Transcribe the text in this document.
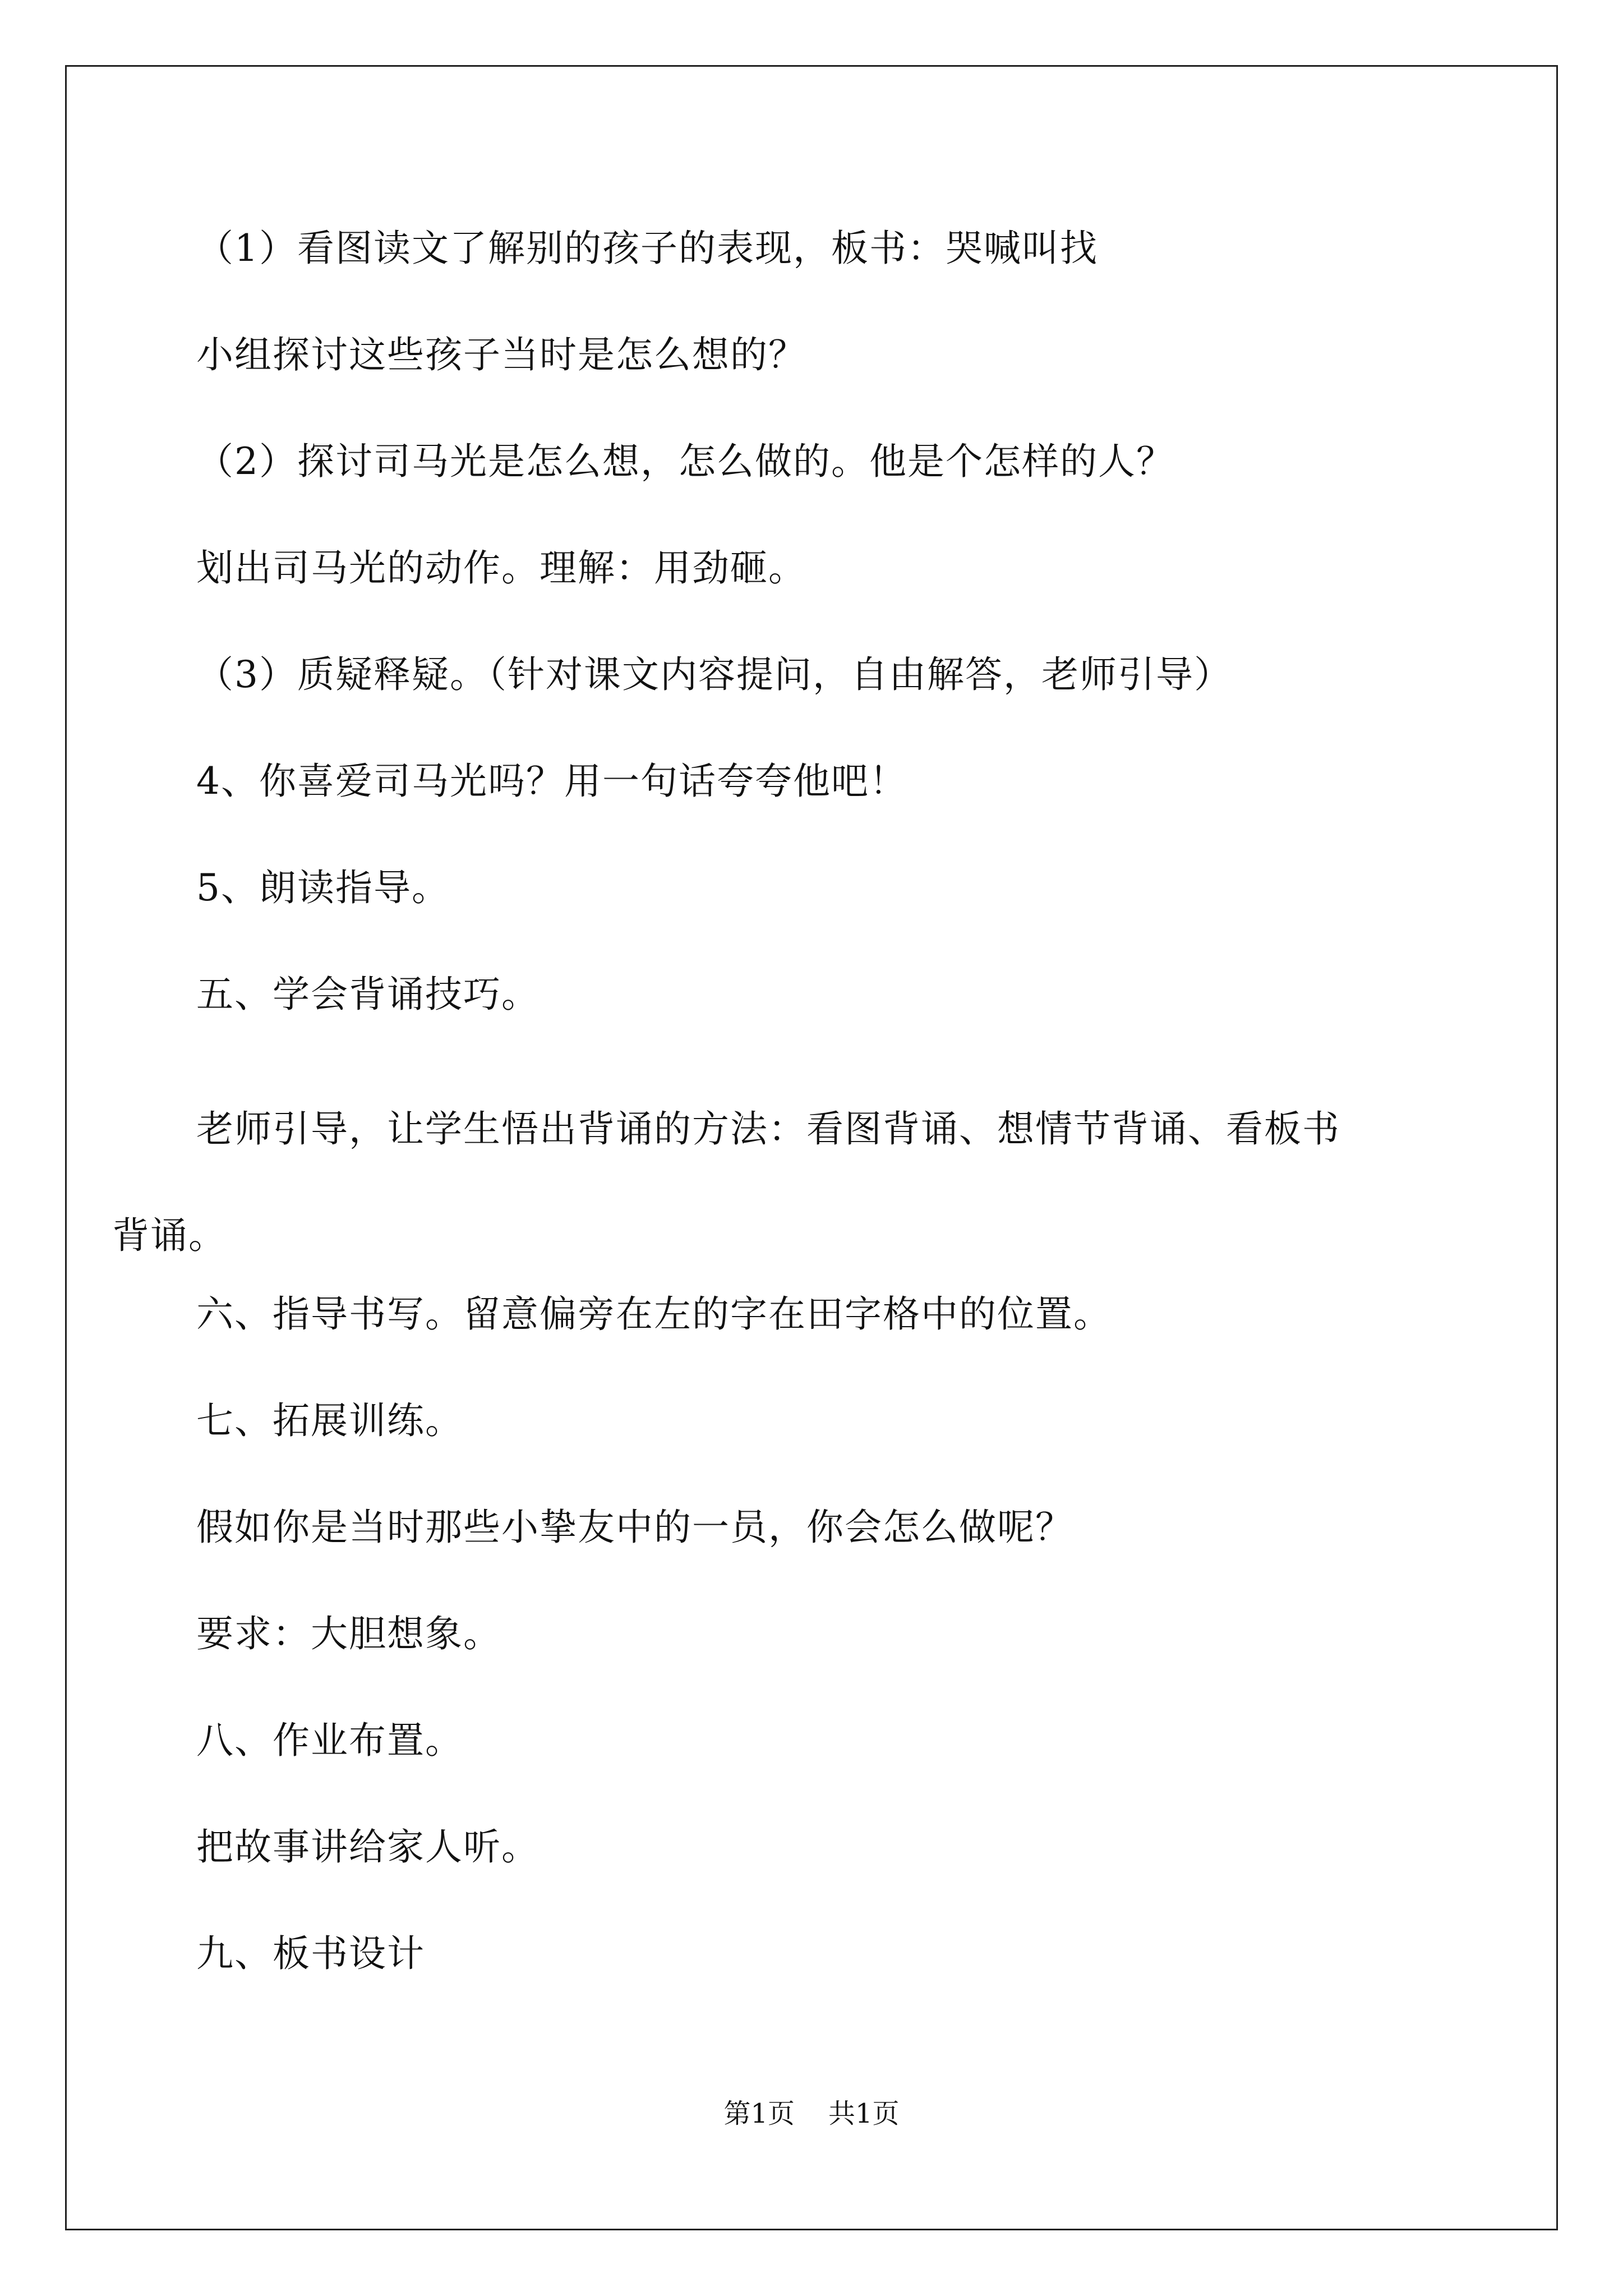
（1）看图读文了解别的孩子的表现，板书：哭喊叫找
小组探讨这些孩子当时是怎么想的？
（2）探讨司马光是怎么想，怎么做的。他是个怎样的人？
划出司马光的动作。理解：用劲砸。
（3）质疑释疑。（针对课文内容提问，自由解答，老师引导）
4、你喜爱司马光吗？用一句话夸夸他吧！
5、朗读指导。
五、学会背诵技巧。
老师引导，让学生悟出背诵的方法：看图背诵、想情节背诵、看板书背诵。
六、指导书写。留意偏旁在左的字在田字格中的位置。
七、拓展训练。
假如你是当时那些小挚友中的一员，你会怎么做呢？
要求：大胆想象。
八、作业布置。
把故事讲给家人听。
九、板书设计
第1页 共1页
